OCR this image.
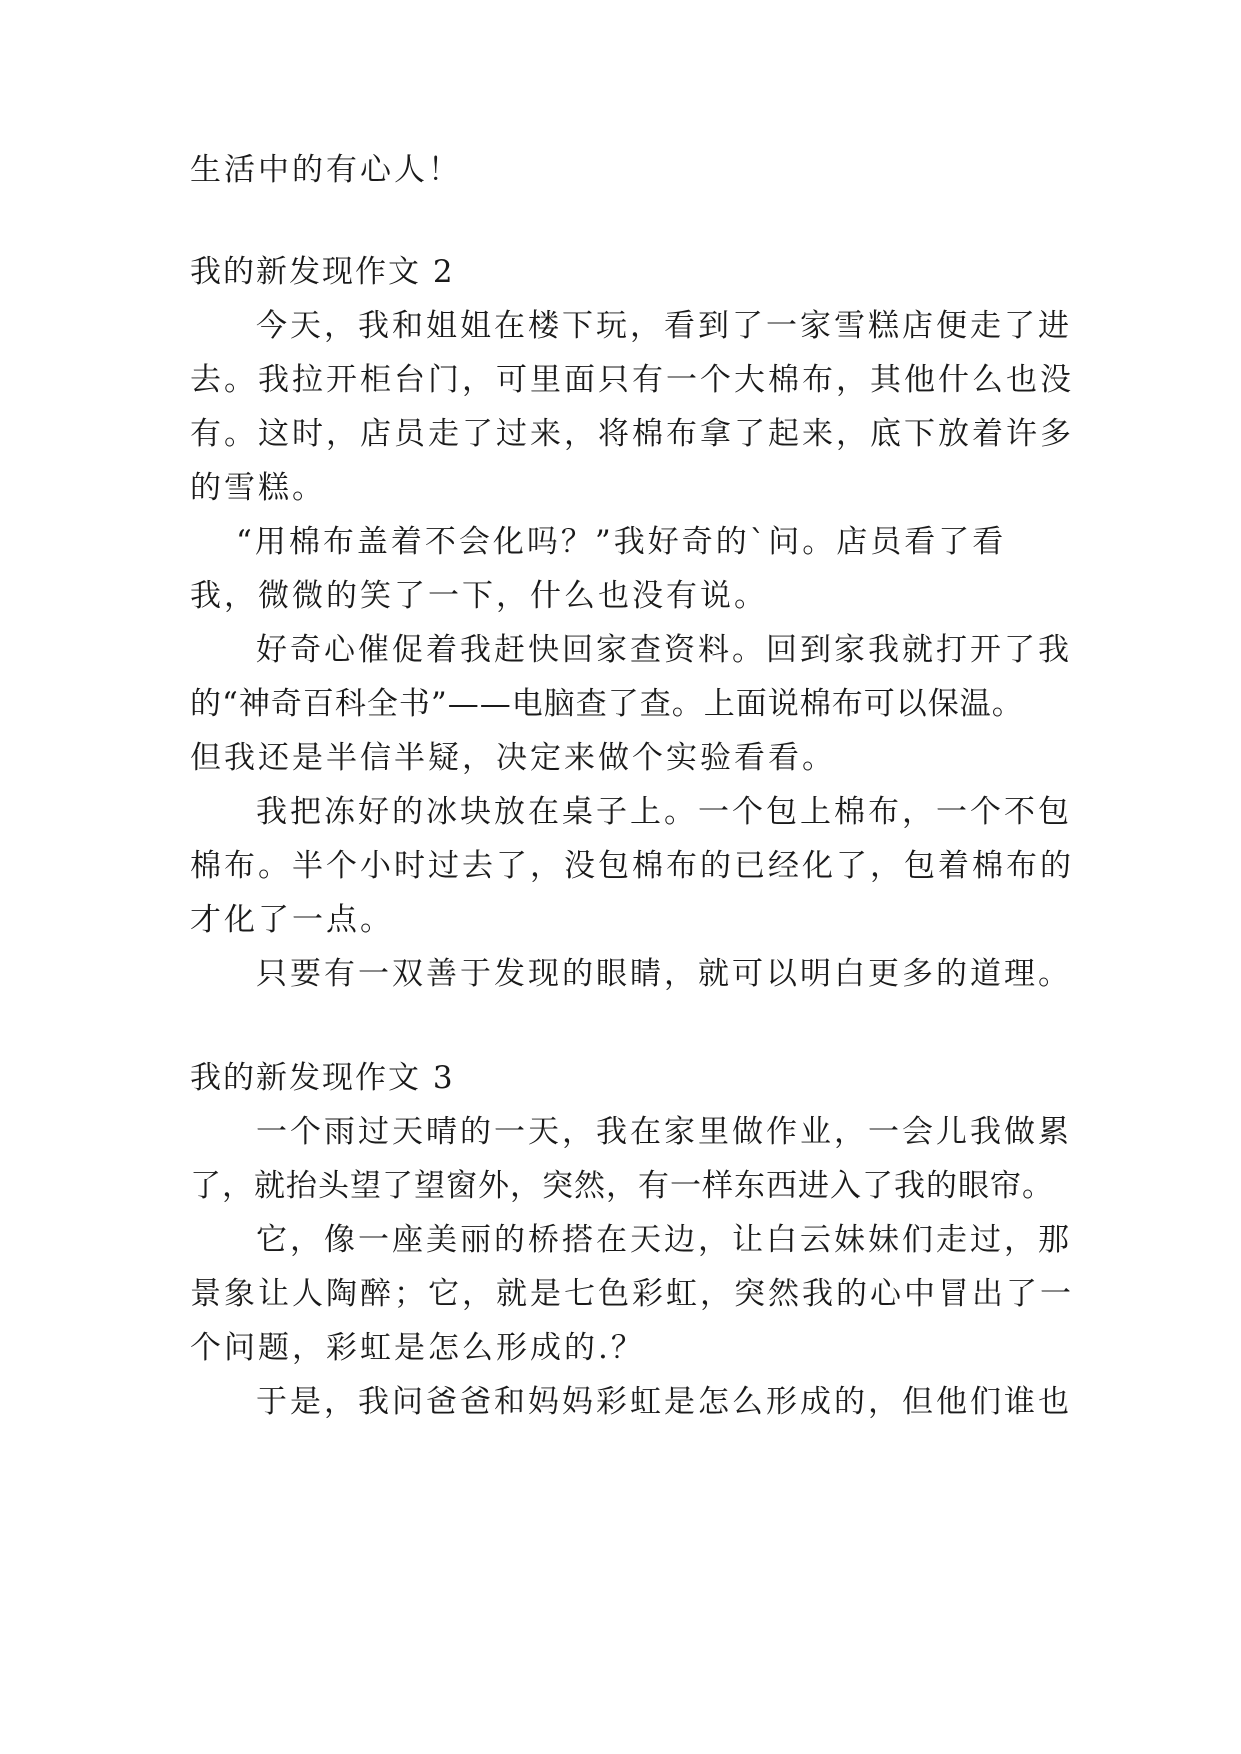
生活中的有心人！
我的新发现作文 2
今天，我和姐姐在楼下玩，看到了一家雪糕店便走了进
去。我拉开柜台门，可里面只有一个大棉布，其他什么也没
有。这时，店员走了过来，将棉布拿了起来，底下放着许多
的雪糕。
“用棉布盖着不会化吗？”我好奇的`问。店员看了看
我，微微的笑了一下，什么也没有说。
好奇心催促着我赶快回家查资料。回到家我就打开了我
的“神奇百科全书”——电脑查了查。上面说棉布可以保温。
但我还是半信半疑，决定来做个实验看看。
我把冻好的冰块放在桌子上。一个包上棉布，一个不包
棉布。半个小时过去了，没包棉布的已经化了，包着棉布的
才化了一点。
只要有一双善于发现的眼睛，就可以明白更多的道理。
我的新发现作文 3
一个雨过天晴的一天，我在家里做作业，一会儿我做累
了，就抬头望了望窗外，突然，有一样东西进入了我的眼帘。
它，像一座美丽的桥搭在天边，让白云妹妹们走过，那
景象让人陶醉；它，就是七色彩虹，突然我的心中冒出了一
个问题，彩虹是怎么形成的.？
于是，我问爸爸和妈妈彩虹是怎么形成的，但他们谁也
